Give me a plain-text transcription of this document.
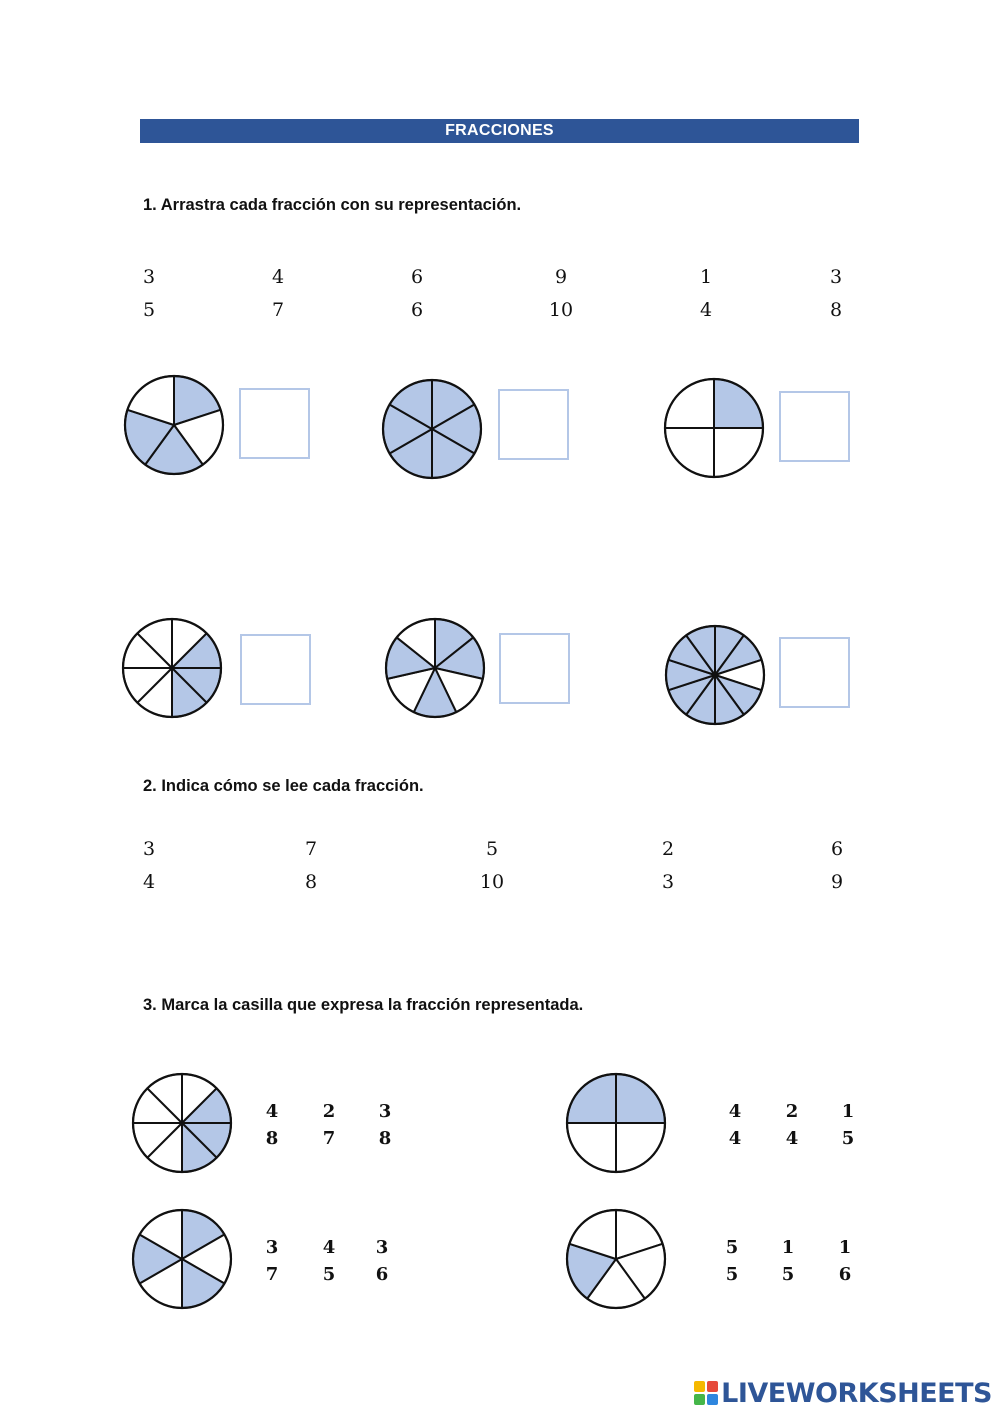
FRACCIONES
1. Arrastra cada fracción con su representación.
3
5
4
7
6
6
9
10
1
4
3
8
2. Indica cómo se lee cada fracción.
3
4
7
8
5
10
2
3
6
9
3. Marca la casilla que expresa la fracción representada.
4
8
2
7
3
8
4
4
2
4
1
5
3
7
4
5
3
6
5
5
1
5
1
6
LIVEWORKSHEETS
